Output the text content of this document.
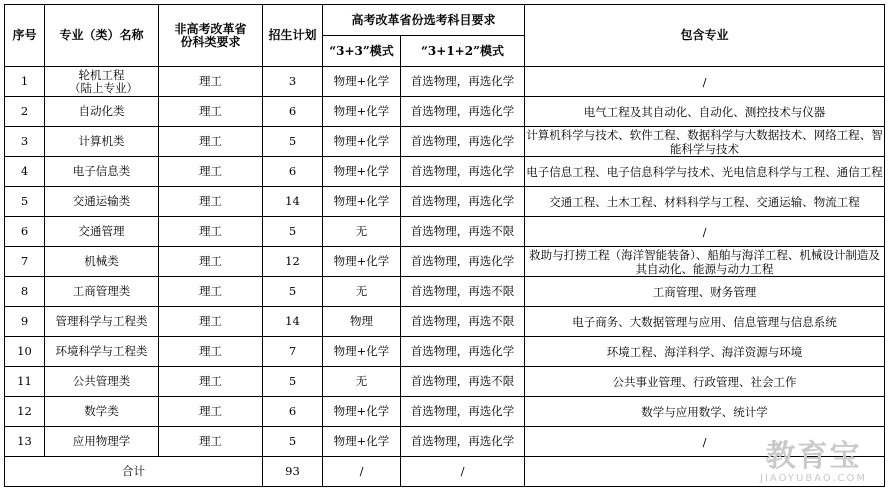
序号	专业（类）名称	非高考改革省份科类要求	招生计划	高考改革省份选考科目要求		包含专业
				“3+3”模式	“3+1+2”模式	
1	轮机工程（陆上专业）	理工	3	物理+化学	首选物理，再选化学	/
2	自动化类	理工	6	物理+化学	首选物理，再选化学	电气工程及其自动化、自动化、测控技术与仪器
3	计算机类	理工	5	物理+化学	首选物理，再选化学	计算机科学与技术、软件工程、数据科学与大数据技术、网络工程、智能科学与技术
4	电子信息类	理工	6	物理+化学	首选物理，再选化学	电子信息工程、电子信息科学与技术、光电信息科学与工程、通信工程
5	交通运输类	理工	14	物理+化学	首选物理，再选化学	交通工程、土木工程、材料科学与工程、交通运输、物流工程
6	交通管理	理工	5	无	首选物理，再选不限	/
7	机械类	理工	12	物理+化学	首选物理，再选化学	救助与打捞工程（海洋智能装备）、船舶与海洋工程、机械设计制造及其自动化、能源与动力工程
8	工商管理类	理工	5	无	首选物理，再选不限	工商管理、财务管理
9	管理科学与工程类	理工	14	物理	首选物理，再选不限	电子商务、大数据管理与应用、信息管理与信息系统
10	环境科学与工程类	理工	7	物理+化学	首选物理，再选化学	环境工程、海洋科学、海洋资源与环境
11	公共管理类	理工	5	无	首选物理，再选不限	公共事业管理、行政管理、社会工作
12	数学类	理工	6	物理+化学	首选物理，再选化学	数学与应用数学、统计学
13	应用物理学	理工	5	物理+化学	首选物理，再选化学	/
合计			93	/	/		教育宝
JIAOYUBAO.COM
